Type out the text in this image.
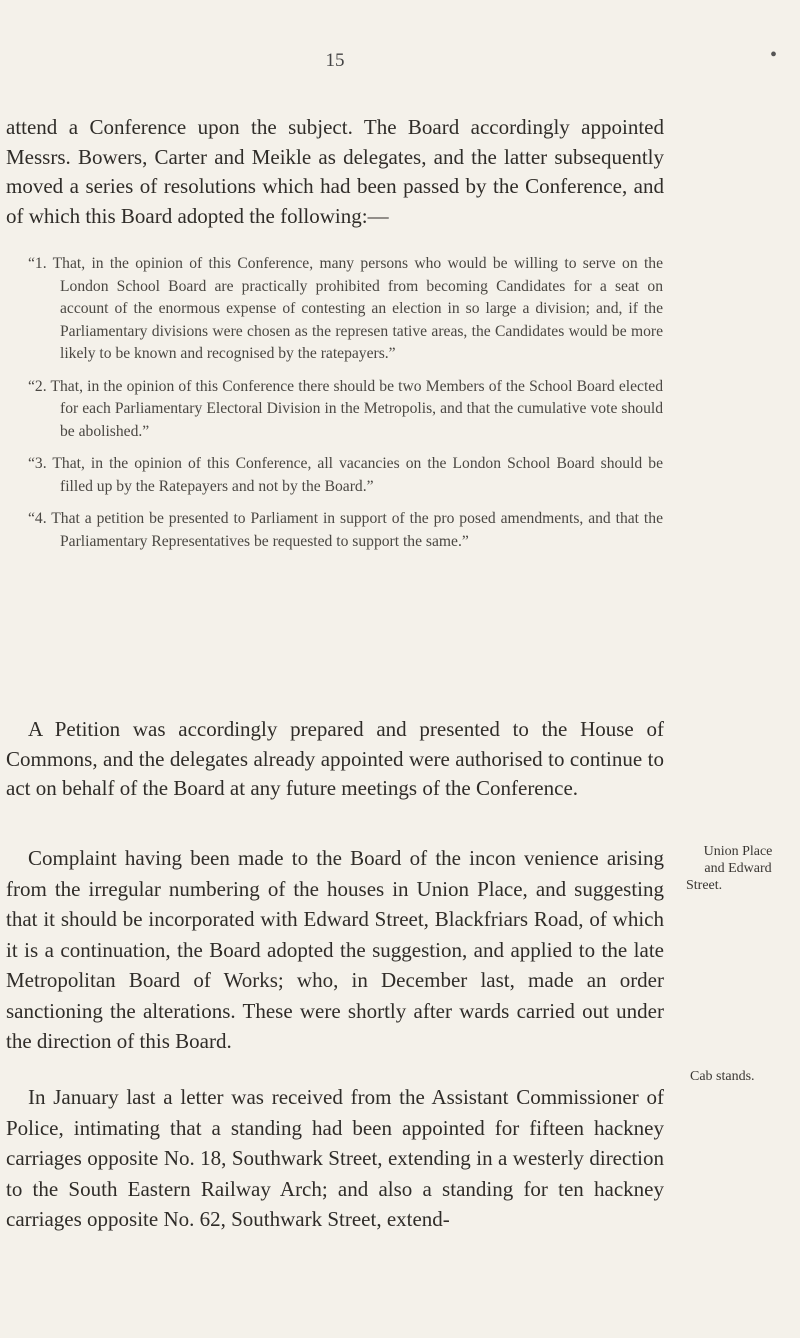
15	•

attend a Conference upon the subject. The Board accordingly appointed Messrs. Bowers, Carter and Meikle as delegates, and the latter subsequently moved a series of resolutions which had been passed by the Conference, and of which this Board adopted the following:—

“1. That, in the opinion of this Conference, many persons who would be willing to serve on the London School Board are practically prohibited from becoming Candidates for a seat on account of the enormous expense of contesting an election in so large a division; and, if the Parliamentary divisions were chosen as the represen tative areas, the Candidates would be more likely to be known and recognised by the ratepayers.”

“2. That, in the opinion of this Conference there should be two Members of the School Board elected for each Parliamentary Electoral Division in the Metropolis, and that the cumulative vote should be abolished.”

“3. That, in the opinion of this Conference, all vacancies on the London School Board should be filled up by the Ratepayers and not by the Board.”

“4. That a petition be presented to Parliament in support of the pro posed amendments, and that the Parliamentary Representatives be requested to support the same.”

A Petition was accordingly prepared and presented to the House of Commons, and the delegates already appointed were authorised to continue to act on behalf of the Board at any future meetings of the Conference.

Complaint having been made to the Board of the incon venience arising from the irregular numbering of the houses in Union Place, and suggesting that it should be incorporated with Edward Street, Blackfriars Road, of which it is a continuation, the Board adopted the suggestion, and applied to the late Metropolitan Board of Works; who, in December last, made an order sanctioning the alterations. These were shortly after wards carried out under the direction of this Board.

Union Place
and Edward
Street.

In January last a letter was received from the Assistant Commissioner of Police, intimating that a standing had been appointed for fifteen hackney carriages opposite No. 18, Southwark Street, extending in a westerly direction to the South Eastern Railway Arch; and also a standing for ten hackney carriages opposite No. 62, Southwark Street, extend-

Cab stands.
